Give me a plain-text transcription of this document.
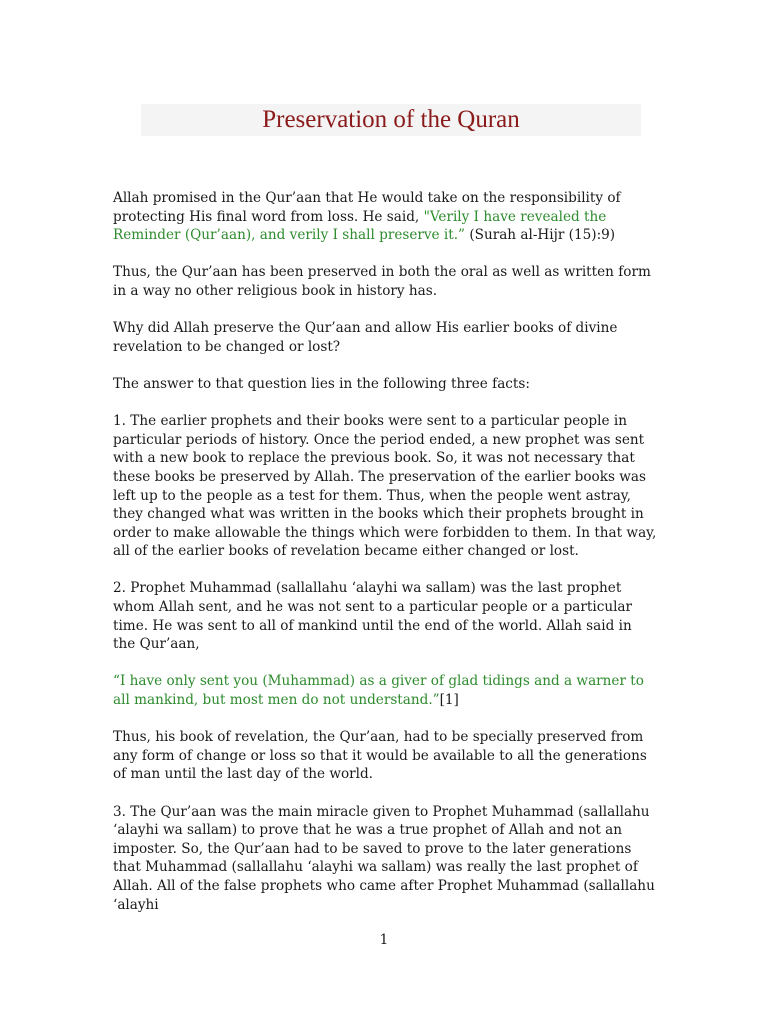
Preservation of the Quran

Allah promised in the Qur’aan that He would take on the responsibility of protecting His final word from loss. He said, "Verily I have revealed the Reminder (Qur’aan), and verily I shall preserve it.” (Surah al-Hijr (15):9)

Thus, the Qur’aan has been preserved in both the oral as well as written form in a way no other religious book in history has.

Why did Allah preserve the Qur’aan and allow His earlier books of divine revelation to be changed or lost?

The answer to that question lies in the following three facts:

1. The earlier prophets and their books were sent to a particular people in particular periods of history. Once the period ended, a new prophet was sent with a new book to replace the previous book. So, it was not necessary that these books be preserved by Allah. The preservation of the earlier books was left up to the people as a test for them. Thus, when the people went astray, they changed what was written in the books which their prophets brought in order to make allowable the things which were forbidden to them. In that way, all of the earlier books of revelation became either changed or lost.

2. Prophet Muhammad (sallallahu ‘alayhi wa sallam) was the last prophet whom Allah sent, and he was not sent to a particular people or a particular time. He was sent to all of mankind until the end of the world. Allah said in the Qur’aan,

“I have only sent you (Muhammad) as a giver of glad tidings and a warner to all mankind, but most men do not understand.”[1]

Thus, his book of revelation, the Qur’aan, had to be specially preserved from any form of change or loss so that it would be available to all the generations of man until the last day of the world.

3. The Qur’aan was the main miracle given to Prophet Muhammad (sallallahu ‘alayhi wa sallam) to prove that he was a true prophet of Allah and not an imposter. So, the Qur’aan had to be saved to prove to the later generations that Muhammad (sallallahu ‘alayhi wa sallam) was really the last prophet of Allah. All of the false prophets who came after Prophet Muhammad (sallallahu ‘alayhi

1
